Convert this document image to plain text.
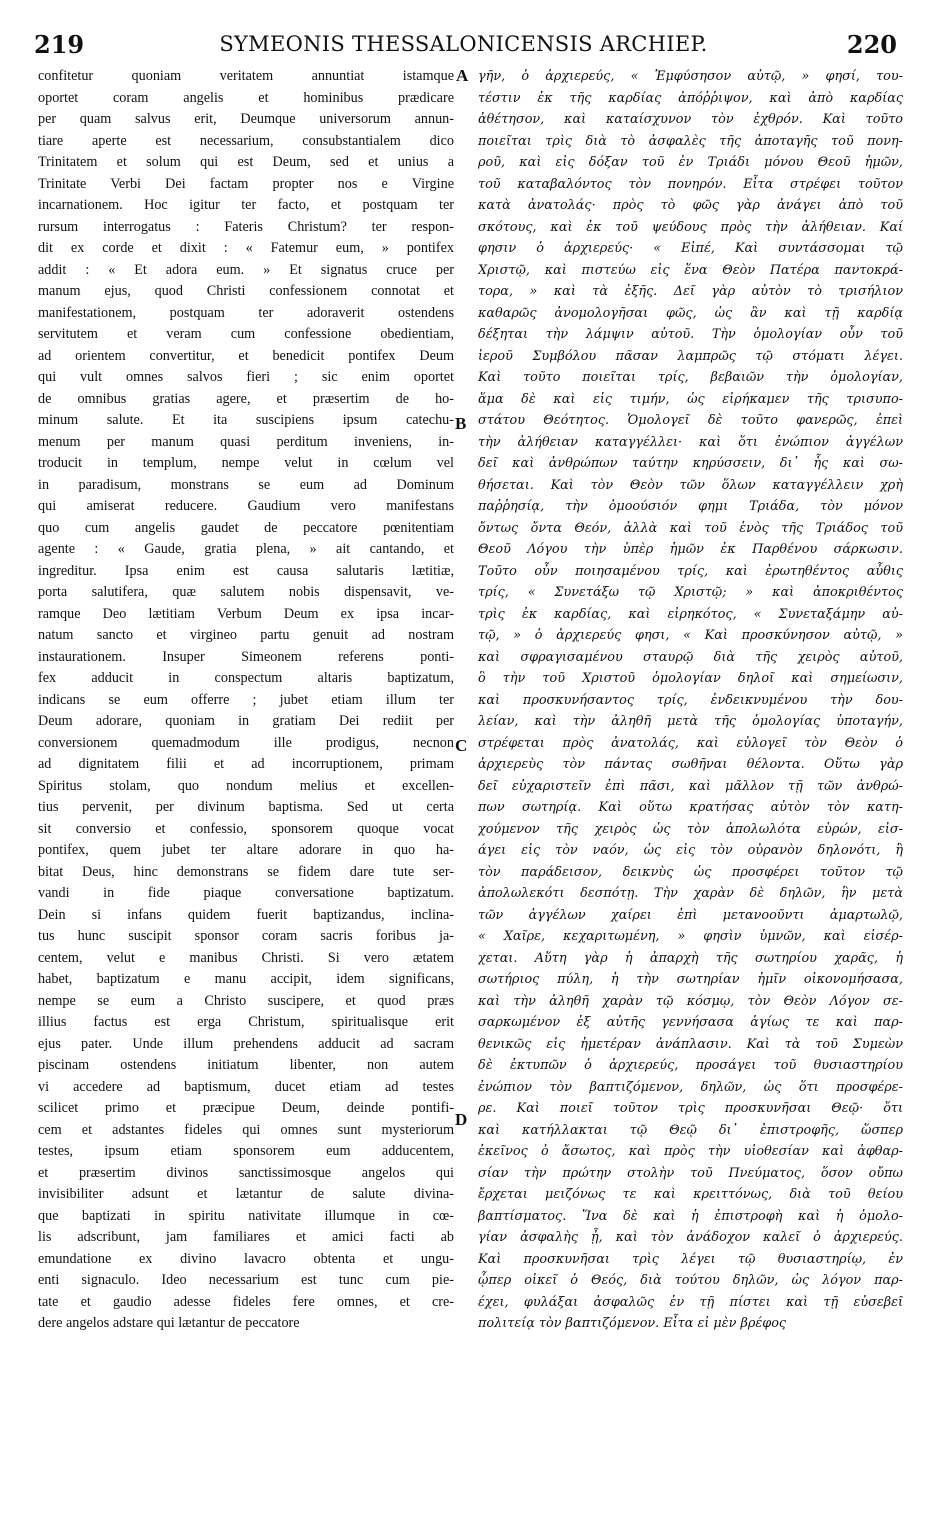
219	SYMEONIS THESSALONICENSIS ARCHIEP.	220
confitetur quoniam veritatem annuntiat istamque
oportet coram angelis et hominibus prædicare
per quam salvus erit, Deumque universorum annun-
tiare aperte est necessarium, consubstantialem dico
Trinitatem et solum qui est Deum, sed et unius a
Trinitate Verbi Dei factam propter nos e Virgine
incarnationem. Hoc igitur ter facto, et postquam ter
rursum interrogatus : Fateris Christum? ter respon-
dit ex corde et dixit : « Fatemur eum, » pontifex
addit : « Et adora eum. » Et signatus cruce per
manum ejus, quod Christi confessionem connotat et
manifestationem, postquam ter adoraverit ostendens
servitutem et veram cum confessione obedientiam,
ad orientem convertitur, et benedicit pontifex Deum
qui vult omnes salvos fieri ; sic enim oportet
de omnibus gratias agere, et præsertim de ho-
minum salute. Et ita suscipiens ipsum catechu-
menum per manum quasi perditum inveniens, in-
troducit in templum, nempe velut in cœlum vel
in paradisum, monstrans se eum ad Dominum
qui amiserat reducere. Gaudium vero manifestans
quo cum angelis gaudet de peccatore pœnitentiam
agente : « Gaude, gratia plena, » ait cantando, et
ingreditur. Ipsa enim est causa salutaris lætitiæ,
porta salutifera, quæ salutem nobis dispensavit, ve-
ramque Deo lætitiam Verbum Deum ex ipsa incar-
natum sancto et virgineo partu genuit ad nostram
instaurationem. Insuper Simeonem referens ponti-
fex adducit in conspectum altaris baptizatum,
indicans se eum offerre ; jubet etiam illum ter
Deum adorare, quoniam in gratiam Dei rediit per
conversionem quemadmodum ille prodigus, necnon
ad dignitatem filii et ad incorruptionem, primam
Spiritus stolam, quo nondum melius et excellen-
tius pervenit, per divinum baptisma. Sed ut certa
sit conversio et confessio, sponsorem quoque vocat
pontifex, quem jubet ter altare adorare in quo ha-
bitat Deus, hinc demonstrans se fidem dare tute ser-
vandi in fide piaque conversatione baptizatum.
Dein si infans quidem fuerit baptizandus, inclina-
tus hunc suscipit sponsor coram sacris foribus ja-
centem, velut e manibus Christi. Si vero ætatem
habet, baptizatum e manu accipit, idem significans,
nempe se eum a Christo suscipere, et quod præs
illius factus est erga Christum, spiritualisque erit
ejus pater. Unde illum prehendens adducit ad sacram
piscinam ostendens initiatum libenter, non autem
vi accedere ad baptismum, ducet etiam ad testes
scilicet primo et præcipue Deum, deinde pontifi-
cem et adstantes fideles qui omnes sunt mysteriorum
testes, ipsum etiam sponsorem eum adducentem,
et præsertim divinos sanctissimosque angelos qui
invisibiliter adsunt et lætantur de salute divina-
que baptizati in spiritu nativitate illumque in cœ-
lis adscribunt, jam familiares et amici facti ab
emundatione ex divino lavacro obtenta et ungu-
enti signaculo. Ideo necessarium est tunc cum pie-
tate et gaudio adesse fideles fere omnes, et cre-
dere angelos adstare qui lætantur de peccatore
A
B
C
D
γῆν, ὁ ἀρχιερεύς, « Ἐμφύσησον αὐτῷ, » φησί, του-
τέστιν ἐκ τῆς καρδίας ἀπόῤῥιψον, καὶ ἀπὸ καρδίας
ἀθέτησον, καὶ καταίσχυνον τὸν ἐχθρόν. Καὶ τοῦτο
ποιεῖται τρὶς διὰ τὸ ἀσφαλὲς τῆς ἀποταγῆς τοῦ πονη-
ροῦ, καὶ εἰς δόξαν τοῦ ἐν Τριάδι μόνου Θεοῦ ἡμῶν,
τοῦ καταβαλόντος τὸν πονηρόν. Εἶτα στρέφει τοῦτον
κατὰ ἀνατολάς· πρὸς τὸ φῶς γὰρ ἀνάγει ἀπὸ τοῦ
σκότους, καὶ ἐκ τοῦ ψεύδους πρὸς τὴν ἀλήθειαν. Καί
φησιν ὁ ἀρχιερεύς· « Εἰπέ, Καὶ συντάσσομαι τῷ
Χριστῷ, καὶ πιστεύω εἰς ἕνα Θεὸν Πατέρα παντοκρά-
τορα, » καὶ τὰ ἑξῆς. Δεῖ γὰρ αὐτὸν τὸ τρισήλιον
καθαρῶς ἀνομολογῆσαι φῶς, ὡς ἂν καὶ τῇ καρδίᾳ
δέξηται τὴν λάμψιν αὐτοῦ. Τὴν ὁμολογίαν οὖν τοῦ
ἱεροῦ Συμβόλου πᾶσαν λαμπρῶς τῷ στόματι λέγει.
Καὶ τοῦτο ποιεῖται τρίς, βεβαιῶν τὴν ὁμολογίαν,
ἅμα δὲ καὶ εἰς τιμήν, ὡς εἰρήκαμεν τῆς τρισυπο-
στάτου Θεότητος. Ὁμολογεῖ δὲ τοῦτο φανερῶς, ἐπεὶ
τὴν ἀλήθειαν καταγγέλλει· καὶ ὅτι ἐνώπιον ἀγγέλων
δεῖ καὶ ἀνθρώπων ταύτην κηρύσσειν, δι᾽ ἧς καὶ σω-
θήσεται. Καὶ τὸν Θεὸν τῶν ὅλων καταγγέλλειν χρὴ
παῤῥησίᾳ, τὴν ὁμοούσιόν φημι Τριάδα, τὸν μόνον
ὄντως ὄντα Θεόν, ἀλλὰ καὶ τοῦ ἑνὸς τῆς Τριάδος τοῦ
Θεοῦ Λόγου τὴν ὑπὲρ ἡμῶν ἐκ Παρθένου σάρκωσιν.
Τοῦτο οὖν ποιησαμένου τρίς, καὶ ἐρωτηθέντος αὖθις
τρίς, « Συνετάξω τῷ Χριστῷ; » καὶ ἀποκριθέντος
τρὶς ἐκ καρδίας, καὶ εἰρηκότος, « Συνεταξάμην αὐ-
τῷ, » ὁ ἀρχιερεύς φησι, « Καὶ προσκύνησον αὐτῷ, »
καὶ σφραγισαμένου σταυρῷ διὰ τῆς χειρὸς αὐτοῦ,
ὃ τὴν τοῦ Χριστοῦ ὁμολογίαν δηλοῖ καὶ σημείωσιν,
καὶ προσκυνήσαντος τρίς, ἐνδεικνυμένου τὴν δου-
λείαν, καὶ τὴν ἀληθῆ μετὰ τῆς ὁμολογίας ὑποταγήν,
στρέφεται πρὸς ἀνατολάς, καὶ εὐλογεῖ τὸν Θεὸν ὁ
ἀρχιερεὺς τὸν πάντας σωθῆναι θέλοντα. Οὕτω γὰρ
δεῖ εὐχαριστεῖν ἐπὶ πᾶσι, καὶ μᾶλλον τῇ τῶν ἀνθρώ-
πων σωτηρίᾳ. Καὶ οὕτω κρατήσας αὐτὸν τὸν κατη-
χούμενον τῆς χειρὸς ὡς τὸν ἀπολωλότα εὑρών, εἰσ-
άγει εἰς τὸν ναόν, ὡς εἰς τὸν οὐρανὸν δηλονότι, ἢ
τὸν παράδεισον, δεικνὺς ὡς προσφέρει τοῦτον τῷ
ἀπολωλεκότι δεσπότῃ. Τὴν χαρὰν δὲ δηλῶν, ἣν μετὰ
τῶν ἀγγέλων χαίρει ἐπὶ μετανοοῦντι ἁμαρτωλῷ,
« Χαῖρε, κεχαριτωμένη, » φησὶν ὑμνῶν, καὶ εἰσέρ-
χεται. Αὕτη γὰρ ἡ ἀπαρχὴ τῆς σωτηρίου χαρᾶς, ἡ
σωτήριος πύλη, ἡ τὴν σωτηρίαν ἡμῖν οἰκονομήσασα,
καὶ τὴν ἀληθῆ χαρὰν τῷ κόσμῳ, τὸν Θεὸν Λόγον σε-
σαρκωμένον ἐξ αὐτῆς γεννήσασα ἁγίως τε καὶ παρ-
θενικῶς εἰς ἡμετέραν ἀνάπλασιν. Καὶ τὰ τοῦ Συμεὼν
δὲ ἐκτυπῶν ὁ ἀρχιερεύς, προσάγει τοῦ θυσιαστηρίου
ἐνώπιον τὸν βαπτιζόμενον, δηλῶν, ὡς ὅτι προσφέρε-
ρε. Καὶ ποιεῖ τοῦτον τρὶς προσκυνῆσαι Θεῷ· ὅτι
καὶ κατήλλακται τῷ Θεῷ δι᾽ ἐπιστροφῆς, ὥσπερ
ἐκεῖνος ὁ ἄσωτος, καὶ πρὸς τὴν υἱοθεσίαν καὶ ἀφθαρ-
σίαν τὴν πρώτην στολὴν τοῦ Πνεύματος, ὅσον οὔπω
ἔρχεται μειζόνως τε καὶ κρειττόνως, διὰ τοῦ θείου
βαπτίσματος. Ἵνα δὲ καὶ ἡ ἐπιστροφὴ καὶ ἡ ὁμολο-
γίαν ἀσφαλὴς ᾖ, καὶ τὸν ἀνάδοχον καλεῖ ὁ ἀρχιερεύς.
Καὶ προσκυνῆσαι τρὶς λέγει τῷ θυσιαστηρίῳ, ἐν
ᾧπερ οἰκεῖ ὁ Θεός, διὰ τούτου δηλῶν, ὡς λόγον παρ-
έχει, φυλάξαι ἀσφαλῶς ἐν τῇ πίστει καὶ τῇ εὐσεβεῖ
πολιτείᾳ τὸν βαπτιζόμενον. Εἶτα εἰ μὲν βρέφος
